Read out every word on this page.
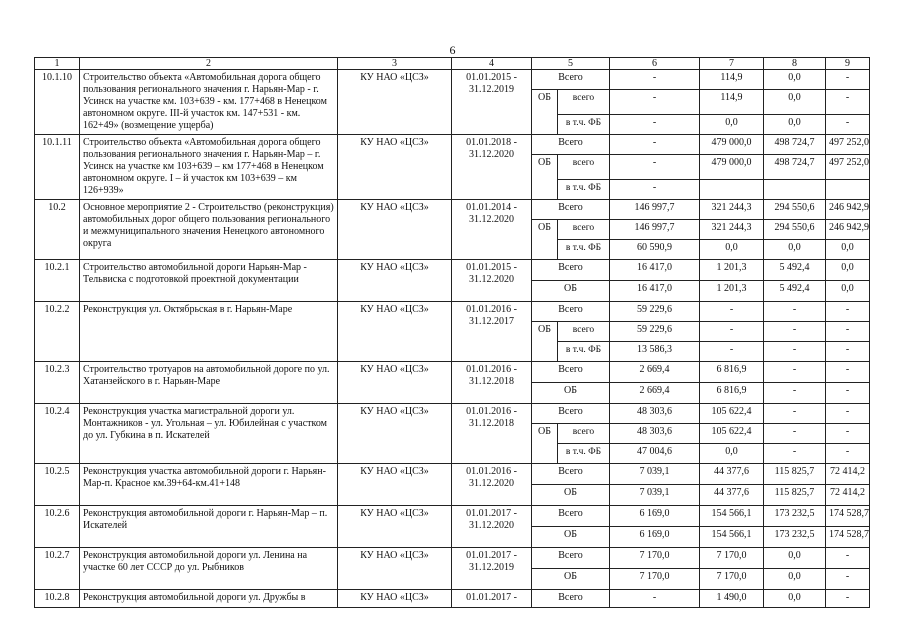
6
1	2	3	4	5		6	7	8	9
10.1.10	Строительство объекта «Автомобильная дорога общего пользования регионального значения г. Нарьян-Мар - г. Усинск на участке км. 103+639 - км. 177+468 в Ненецком автономном округе. III-й участок км. 147+531 - км. 162+49» (возмещение ущерба)	КУ НАО «ЦСЗ»	01.01.2015 - 31.12.2019	Всего		-	114,9	0,0	-
				ОБ	всего	-	114,9	0,0	-
					в т.ч. ФБ	-	0,0	0,0	-
10.1.11	Строительство объекта «Автомобильная дорога общего пользования регионального значения г. Нарьян-Мар – г. Усинск на участке км 103+639 – км 177+468 в Ненецком автономном округе. I – й участок км 103+639 – км 126+939»	КУ НАО «ЦСЗ»	01.01.2018 - 31.12.2020	Всего		-	479 000,0	498 724,7	497 252,0
				ОБ	всего	-	479 000,0	498 724,7	497 252,0
					в т.ч. ФБ	-			
10.2	Основное мероприятие 2 - Строительство (реконструкция) автомобильных дорог общего пользования регионального и межмуниципального значения Ненецкого автономного округа	КУ НАО «ЦСЗ»	01.01.2014 - 31.12.2020	Всего		146 997,7	321 244,3	294 550,6	246 942,9
				ОБ	всего	146 997,7	321 244,3	294 550,6	246 942,9
					в т.ч. ФБ	60 590,9	0,0	0,0	0,0
10.2.1	Строительство автомобильной дороги Нарьян-Мар - Тельвиска с подготовкой проектной документации	КУ НАО «ЦСЗ»	01.01.2015 - 31.12.2020	Всего		16 417,0	1 201,3	5 492,4	0,0
				ОБ		16 417,0	1 201,3	5 492,4	0,0
10.2.2	Реконструкция ул. Октябрьская в г. Нарьян-Маре	КУ НАО «ЦСЗ»	01.01.2016 - 31.12.2017	Всего		59 229,6	-	-	-
				ОБ	всего	59 229,6	-	-	-
					в т.ч. ФБ	13 586,3	-	-	-
10.2.3	Строительство тротуаров на автомобильной дороге по ул. Хатанзейского в г. Нарьян-Маре	КУ НАО «ЦСЗ»	01.01.2016 - 31.12.2018	Всего		2 669,4	6 816,9	-	-
				ОБ		2 669,4	6 816,9	-	-
10.2.4	Реконструкция участка магистральной дороги ул. Монтажников - ул. Угольная – ул. Юбилейная с участком до ул. Губкина в п. Искателей	КУ НАО «ЦСЗ»	01.01.2016 - 31.12.2018	Всего		48 303,6	105 622,4	-	-
				ОБ	всего	48 303,6	105 622,4	-	-
					в т.ч. ФБ	47 004,6	0,0	-	-
10.2.5	Реконструкция участка автомобильной дороги г. Нарьян-Мар-п. Красное км.39+64-км.41+148	КУ НАО «ЦСЗ»	01.01.2016 - 31.12.2020	Всего		7 039,1	44 377,6	115 825,7	72 414,2
				ОБ		7 039,1	44 377,6	115 825,7	72 414,2
10.2.6	Реконструкция автомобильной дороги г. Нарьян-Мар – п. Искателей	КУ НАО «ЦСЗ»	01.01.2017 - 31.12.2020	Всего		6 169,0	154 566,1	173 232,5	174 528,7
				ОБ		6 169,0	154 566,1	173 232,5	174 528,7
10.2.7	Реконструкция автомобильной дороги ул. Ленина на участке 60 лет СССР до ул. Рыбников	КУ НАО «ЦСЗ»	01.01.2017 - 31.12.2019	Всего		7 170,0	7 170,0	0,0	-
				ОБ		7 170,0	7 170,0	0,0	-
10.2.8	Реконструкция автомобильной дороги ул. Дружбы в	КУ НАО «ЦСЗ»	01.01.2017 -	Всего		-	1 490,0	0,0	-
